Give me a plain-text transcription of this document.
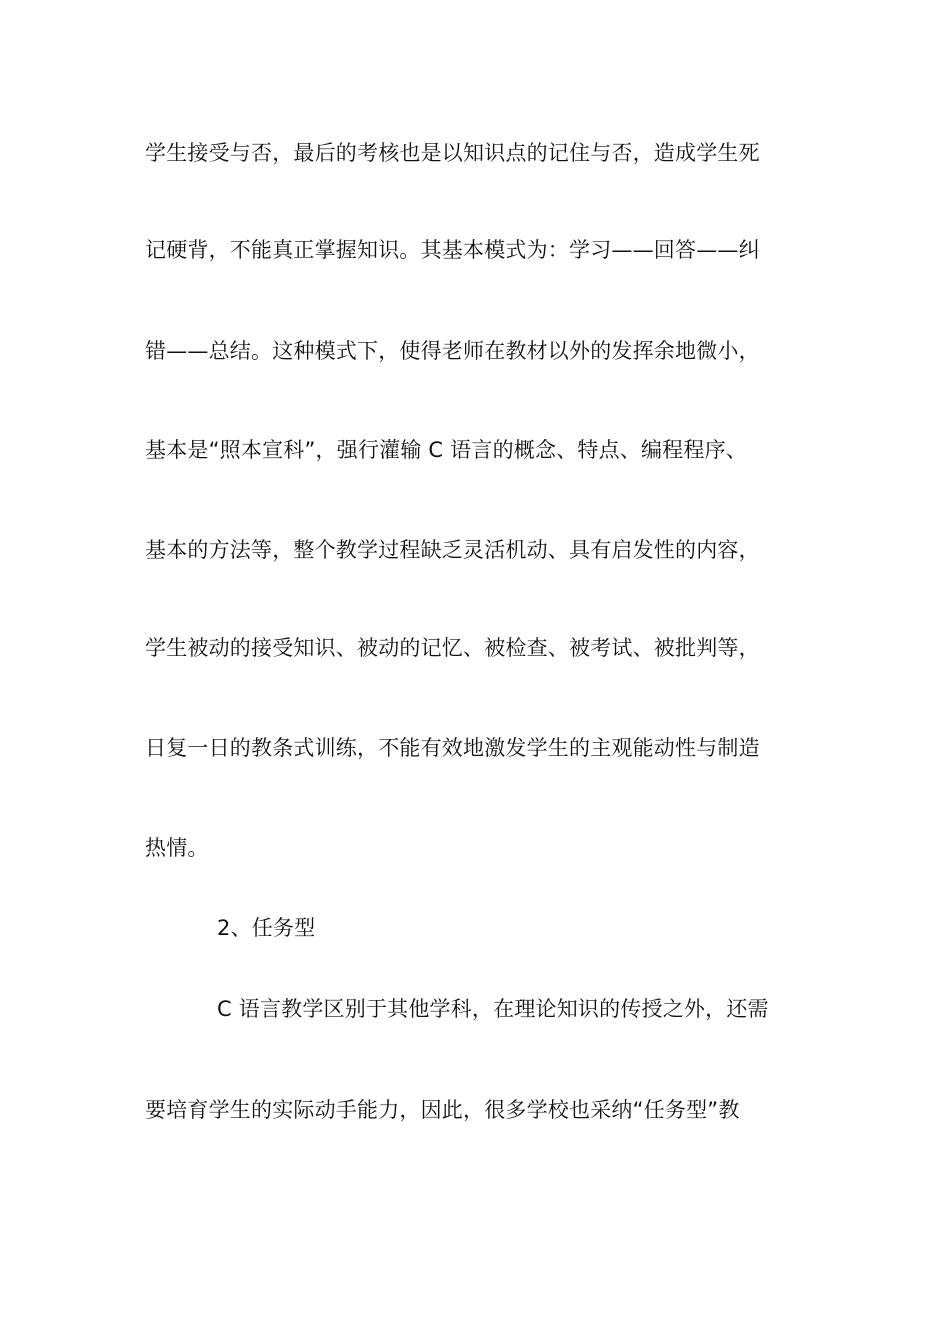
学生接受与否，最后的考核也是以知识点的记住与否，造成学生死
记硬背，不能真正掌握知识。其基本模式为：学习——回答——纠
错——总结。这种模式下，使得老师在教材以外的发挥余地微小，
基本是“照本宣科”，强行灌输 C 语言的概念、特点、编程程序、
基本的方法等，整个教学过程缺乏灵活机动、具有启发性的内容，
学生被动的接受知识、被动的记忆、被检查、被考试、被批判等，
日复一日的教条式训练，不能有效地激发学生的主观能动性与制造
热情。
2、任务型
C 语言教学区别于其他学科，在理论知识的传授之外，还需
要培育学生的实际动手能力，因此，很多学校也采纳“任务型”教
